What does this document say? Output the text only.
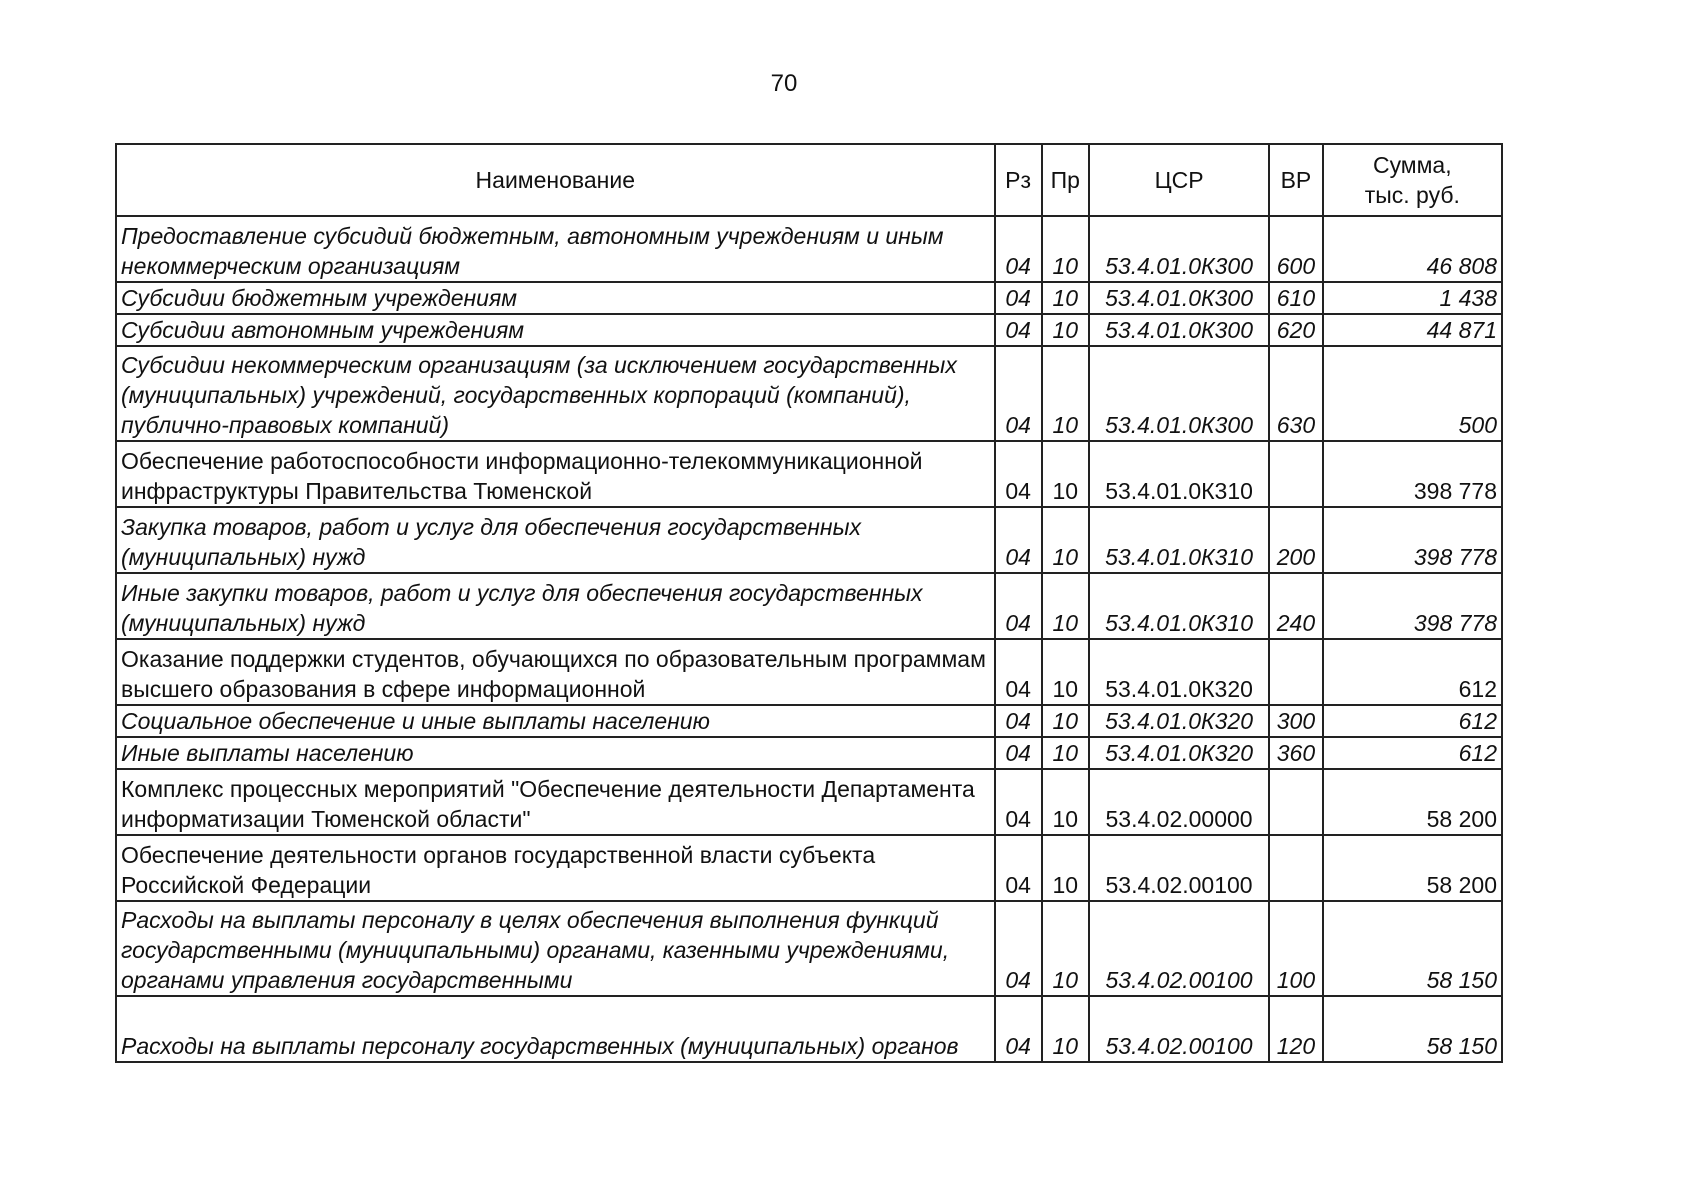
70
Наименование	Рз	Пр	ЦСР	ВР	Сумма,
тыс. руб.
Предоставление субсидий бюджетным, автономным учреждениям и иным некоммерческим организациям	04	10	53.4.01.0К300	600	46 808
Субсидии бюджетным учреждениям	04	10	53.4.01.0К300	610	1 438
Субсидии автономным учреждениям	04	10	53.4.01.0К300	620	44 871
Субсидии некоммерческим организациям (за исключением государственных (муниципальных) учреждений, государственных корпораций (компаний), публично-правовых компаний)	04	10	53.4.01.0К300	630	500
Обеспечение работоспособности информационно-телекоммуникационной инфраструктуры Правительства Тюменской	04	10	53.4.01.0К310		398 778
Закупка товаров, работ и услуг для обеспечения государственных (муниципальных) нужд	04	10	53.4.01.0К310	200	398 778
Иные закупки товаров, работ и услуг для обеспечения государственных (муниципальных) нужд	04	10	53.4.01.0К310	240	398 778
Оказание поддержки студентов, обучающихся по образовательным программам высшего образования в сфере информационной	04	10	53.4.01.0К320		612
Социальное обеспечение и иные выплаты населению	04	10	53.4.01.0К320	300	612
Иные выплаты населению	04	10	53.4.01.0К320	360	612
Комплекс процессных мероприятий "Обеспечение деятельности Департамента информатизации Тюменской области"	04	10	53.4.02.00000		58 200
Обеспечение деятельности органов государственной власти субъекта Российской Федерации	04	10	53.4.02.00100		58 200
Расходы на выплаты персоналу в целях обеспечения выполнения функций государственными (муниципальными) органами, казенными учреждениями, органами управления государственными	04	10	53.4.02.00100	100	58 150
Расходы на выплаты персоналу государственных (муниципальных) органов	04	10	53.4.02.00100	120	58 150
